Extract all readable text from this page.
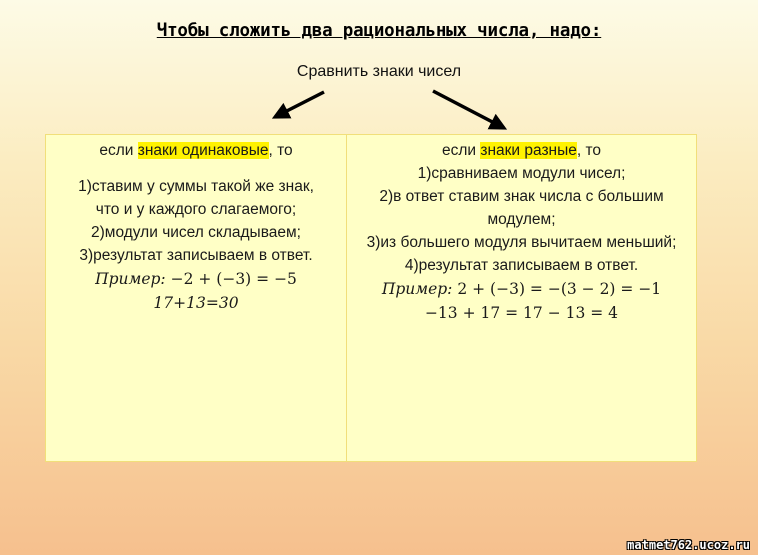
Чтобы сложить два рациональных числа, надо:
Сравнить знаки чисел
если знаки одинаковые, то
1)ставим у суммы такой же знак,
что и у каждого слагаемого;
2)модули чисел складываем;
3)результат записываем в ответ.
Пример: −2 + (−3) = −5
17+13=30
если знаки разные, то
1)сравниваем модули чисел;
2)в ответ ставим знак числа с большим
модулем;
3)из большего модуля вычитаем меньший;
4)результат записываем в ответ.
Пример: 2 + (−3) = −(3 − 2) = −1
−13 + 17 = 17 − 13 = 4
matmet762.ucoz.ru
